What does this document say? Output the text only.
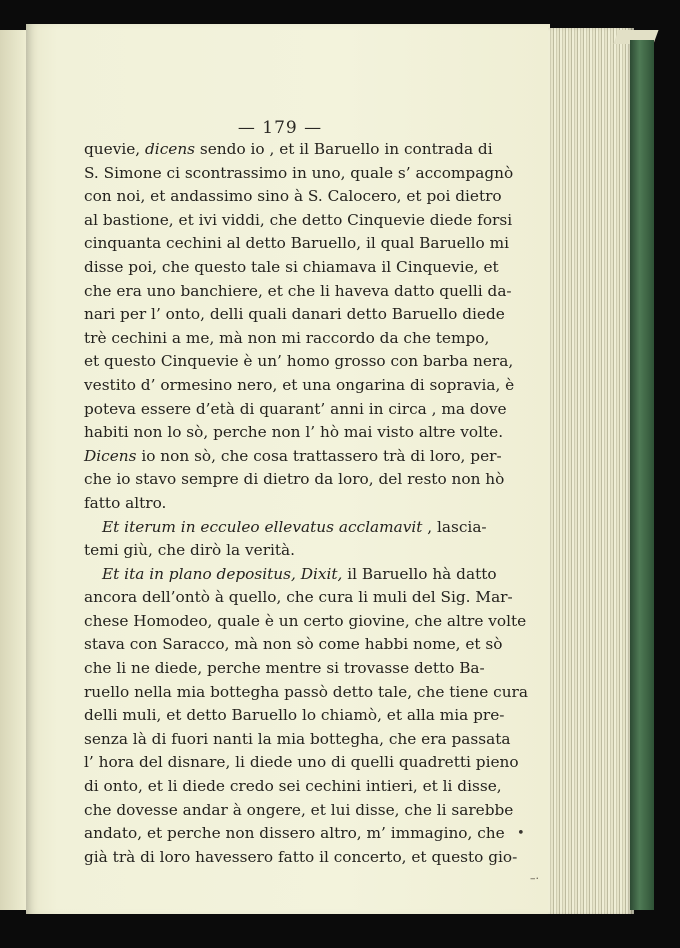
— 179 —
quevie, dicens sendo io , et il Baruello in contrada di
S. Simone ci scontrassimo in uno, quale s’ accompagnò
con noi, et andassimo sino à S. Calocero, et poi dietro
al bastione, et ivi viddi, che detto Cinquevie diede forsi
cinquanta cechini al detto Baruello, il qual Baruello mi
disse poi, che questo tale si chiamava il Cinquevie, et
che era uno banchiere, et che li haveva datto quelli da-
nari per l’ onto, delli quali danari detto Baruello diede
trè cechini a me, mà non mi raccordo da che tempo,
et questo Cinquevie è un’ homo grosso con barba nera,
vestito d’ ormesino nero, et una ongarina di sopravia, è
poteva essere d’età di quarant’ anni in circa , ma dove
habiti non lo sò, perche non l’ hò mai visto altre volte.
Dicens io non sò, che cosa trattassero trà di loro, per-
che io stavo sempre di dietro da loro, del resto non hò
fatto altro.
Et iterum in ecculeo ellevatus acclamavit , lascia-
temi giù, che dirò la verità.
Et ita in plano depositus, Dixit, il Baruello hà datto
ancora dell’ontò à quello, che cura li muli del Sig. Mar-
chese Homodeo, quale è un certo giovine, che altre volte
stava con Saracco, mà non sò come habbi nome, et sò
che li ne diede, perche mentre si trovasse detto Ba-
ruello nella mia bottegha passò detto tale, che tiene cura
delli muli, et detto Baruello lo chiamò, et alla mia pre-
senza là di fuori nanti la mia bottegha, che era passata
l’ hora del disnare, li diede uno di quelli quadretti pieno
di onto, et li diede credo sei cechini intieri, et li disse,
che dovesse andar à ongere, et lui disse, che li sarebbe
andato, et perche non dissero altro, m’ immagino, che
già trà di loro havessero fatto il concerto, et questo gio-
•
–·
